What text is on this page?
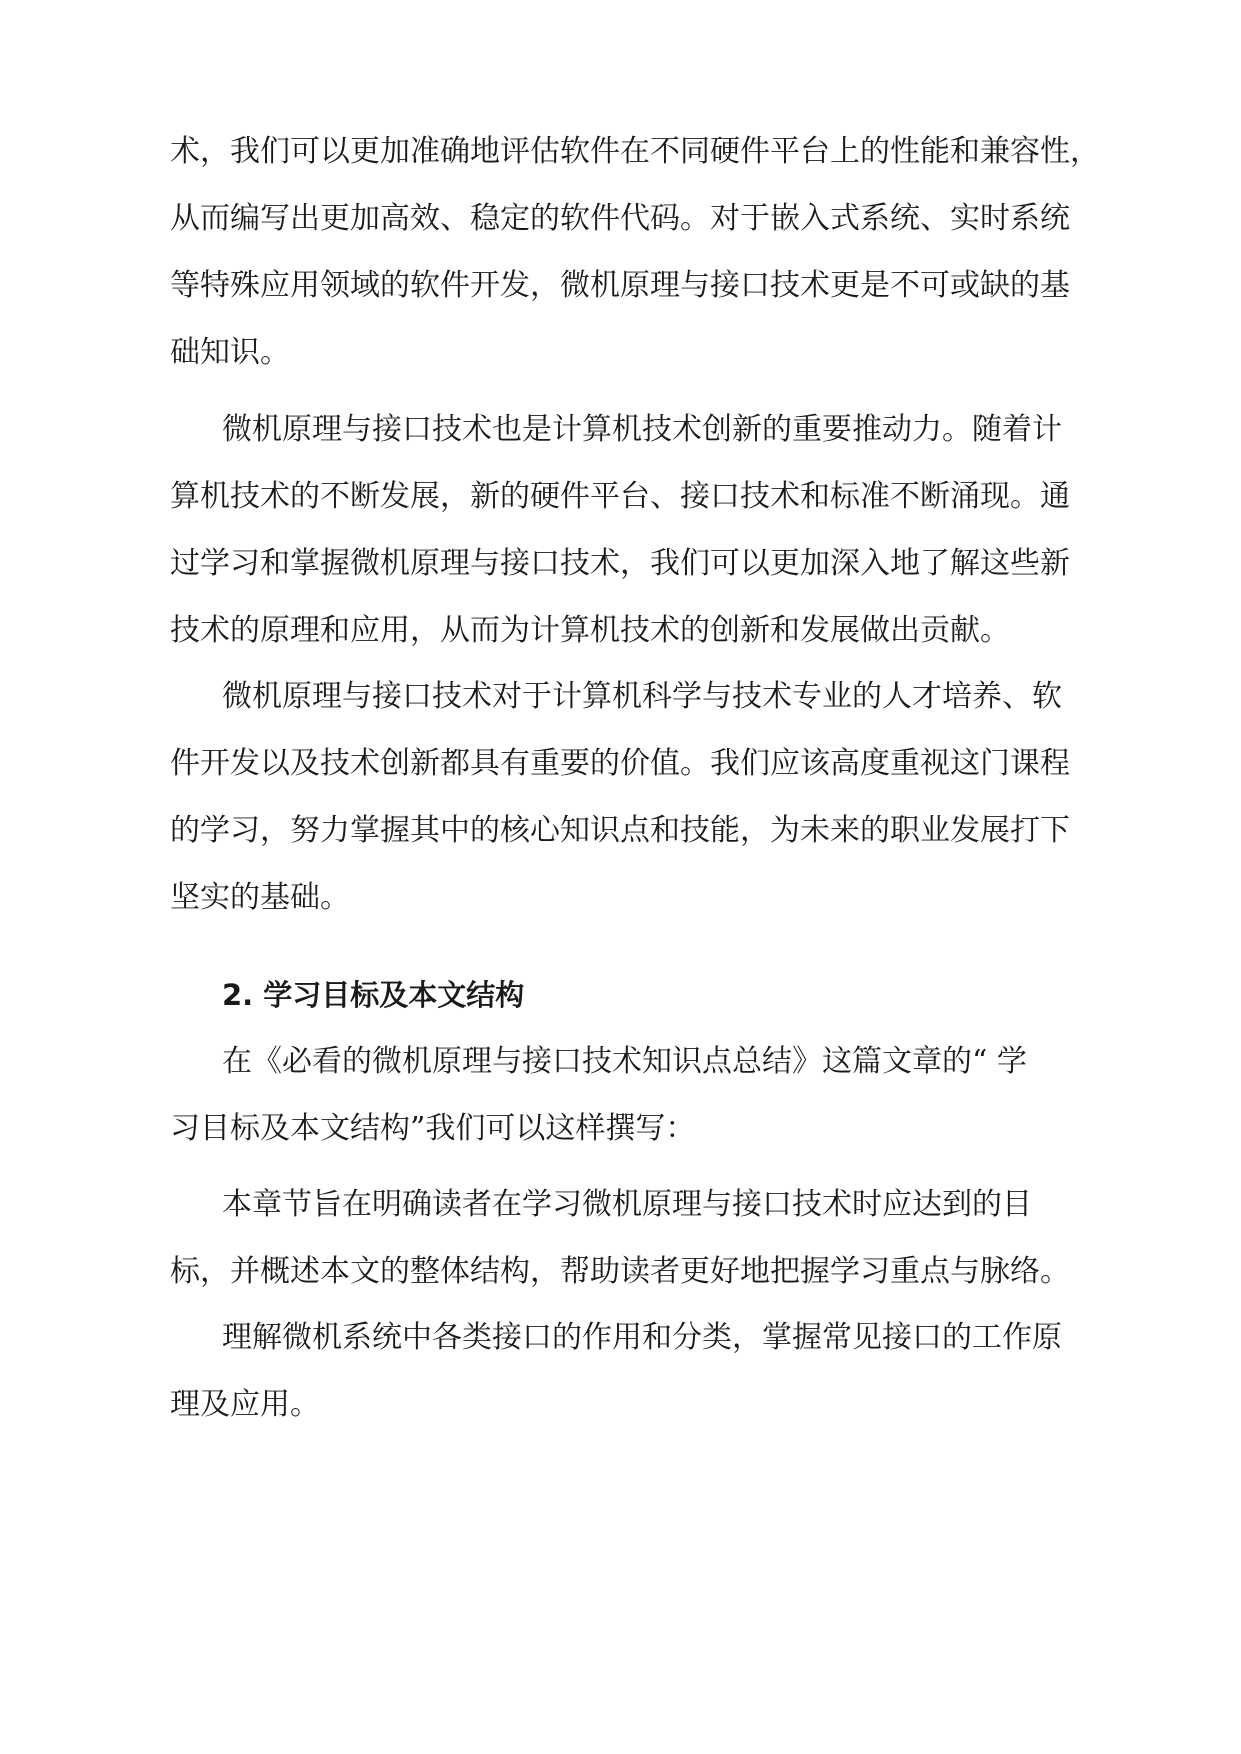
术，我们可以更加准确地评估软件在不同硬件平台上的性能和兼容性，
从而编写出更加高效、稳定的软件代码。对于嵌入式系统、实时系统
等特殊应用领域的软件开发，微机原理与接口技术更是不可或缺的基
础知识。
微机原理与接口技术也是计算机技术创新的重要推动力。随着计
算机技术的不断发展，新的硬件平台、接口技术和标准不断涌现。通
过学习和掌握微机原理与接口技术，我们可以更加深入地了解这些新
技术的原理和应用，从而为计算机技术的创新和发展做出贡献。
微机原理与接口技术对于计算机科学与技术专业的人才培养、软
件开发以及技术创新都具有重要的价值。我们应该高度重视这门课程
的学习，努力掌握其中的核心知识点和技能，为未来的职业发展打下
坚实的基础。
2. 学习目标及本文结构
在《必看的微机原理与接口技术知识点总结》这篇文章的“ 学
习目标及本文结构”我们可以这样撰写：
本章节旨在明确读者在学习微机原理与接口技术时应达到的目
标，并概述本文的整体结构，帮助读者更好地把握学习重点与脉络。
理解微机系统中各类接口的作用和分类，掌握常见接口的工作原
理及应用。
